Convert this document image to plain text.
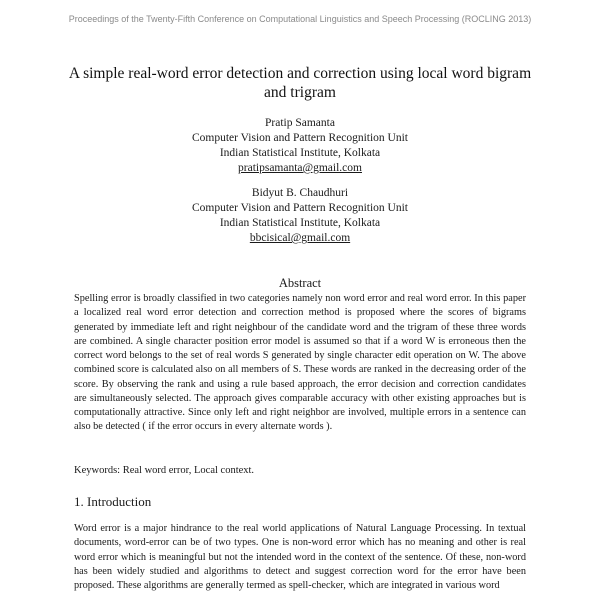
Proceedings of the Twenty-Fifth Conference on Computational Linguistics and Speech Processing (ROCLING 2013)
A simple real-word error detection and correction using local word bigram and trigram
Pratip Samanta
Computer Vision and Pattern Recognition Unit
Indian Statistical Institute, Kolkata
pratipsamanta@gmail.com
Bidyut B. Chaudhuri
Computer Vision and Pattern Recognition Unit
Indian Statistical Institute, Kolkata
bbcisical@gmail.com
Abstract
Spelling error is broadly classified in two categories namely non word error and real word error. In this paper a localized real word error detection and correction method is proposed where the scores of bigrams generated by immediate left and right neighbour of the candidate word and the trigram of these three words are combined. A single character position error model is assumed so that if a word W is erroneous then the correct word belongs to the set of real words S generated by single character edit operation on W. The above combined score is calculated also on all members of S. These words are ranked in the decreasing order of the score. By observing the rank and using a rule based approach, the error decision and correction candidates are simultaneously selected. The approach gives comparable accuracy with other existing approaches but is computationally attractive. Since only left and right neighbor are involved, multiple errors in a sentence can also be detected ( if the error occurs in every alternate words ).
Keywords: Real word error, Local context.
1. Introduction
Word error is a major hindrance to the real world applications of Natural Language Processing. In textual documents, word-error can be of two types. One is non-word error which has no meaning and other is real word error which is meaningful but not the intended word in the context of the sentence. Of these, non-word has been widely studied and algorithms to detect and suggest correction word for the error have been proposed. These algorithms are generally termed as spell-checker, which are integrated in various word
